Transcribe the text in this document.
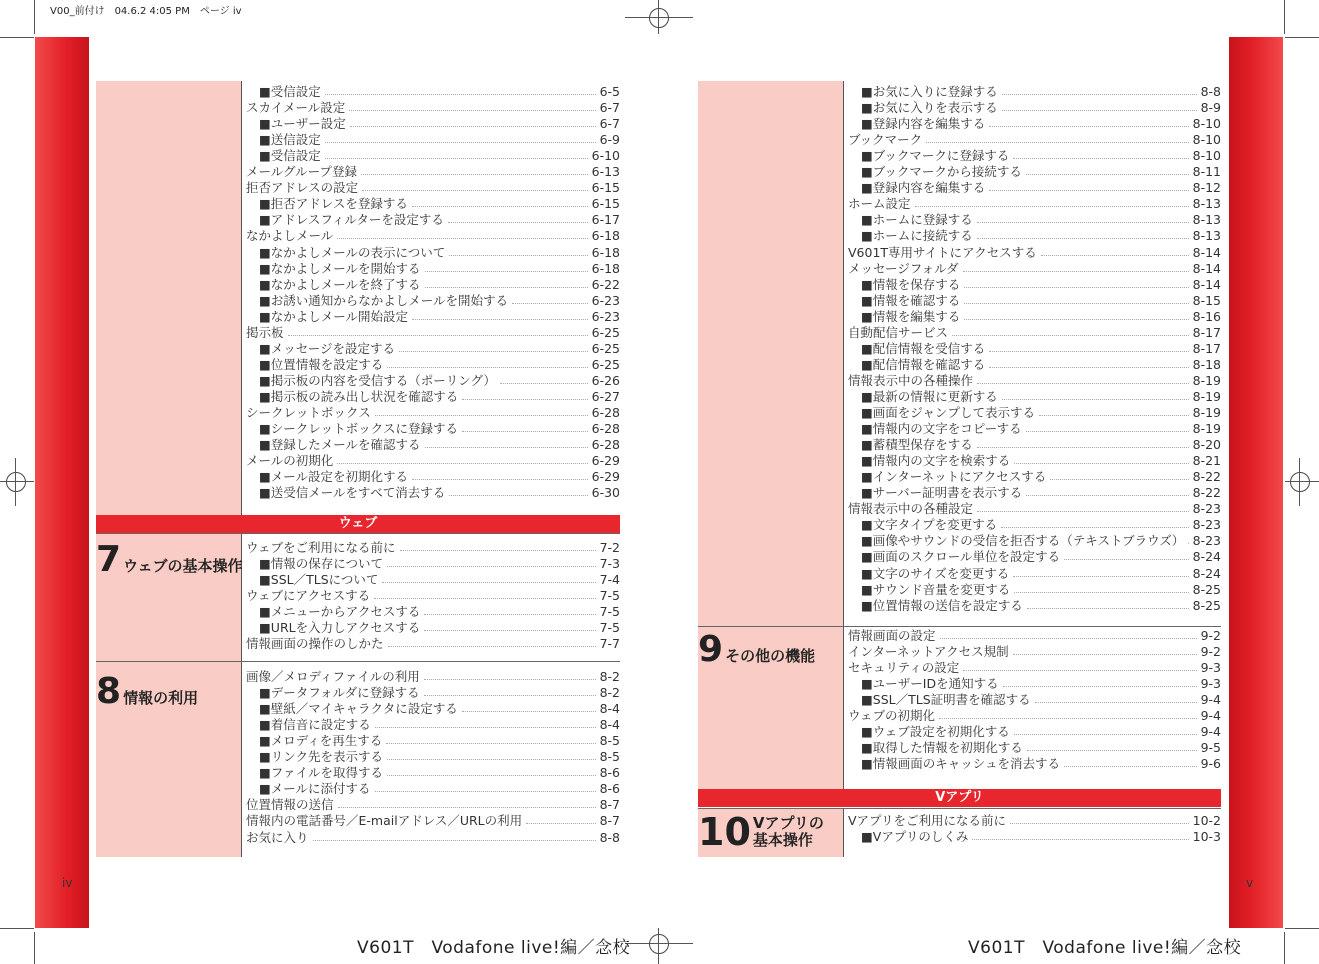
V00_前付け　04.6.2 4:05 PM　ページ iv
■受信設定	6-5
スカイメール設定	6-7
■ユーザー設定	6-7
■送信設定	6-9
■受信設定	6-10
メールグループ登録	6-13
拒否アドレスの設定	6-15
■拒否アドレスを登録する	6-15
■アドレスフィルターを設定する	6-17
なかよしメール	6-18
■なかよしメールの表示について	6-18
■なかよしメールを開始する	6-18
■なかよしメールを終了する	6-22
■お誘い通知からなかよしメールを開始する	6-23
■なかよしメール開始設定	6-23
掲示板	6-25
■メッセージを設定する	6-25
■位置情報を設定する	6-25
■掲示板の内容を受信する（ポーリング）	6-26
■掲示板の読み出し状況を確認する	6-27
シークレットボックス	6-28
■シークレットボックスに登録する	6-28
■登録したメールを確認する	6-28
メールの初期化	6-29
■メール設定を初期化する	6-29
■送受信メールをすべて消去する	6-30
ウェブ
7 ウェブの基本操作
ウェブをご利用になる前に	7-2
■情報の保存について	7-3
■SSL／TLSについて	7-4
ウェブにアクセスする	7-5
■メニューからアクセスする	7-5
■URLを入力しアクセスする	7-5
情報画面の操作のしかた	7-7
8 情報の利用
画像／メロディファイルの利用	8-2
■データフォルダに登録する	8-2
■壁紙／マイキャラクタに設定する	8-4
■着信音に設定する	8-4
■メロディを再生する	8-5
■リンク先を表示する	8-5
■ファイルを取得する	8-6
■メールに添付する	8-6
位置情報の送信	8-7
情報内の電話番号／E-mailアドレス／URLの利用	8-7
お気に入り	8-8
■お気に入りに登録する	8-8
■お気に入りを表示する	8-9
■登録内容を編集する	8-10
ブックマーク	8-10
■ブックマークに登録する	8-10
■ブックマークから接続する	8-11
■登録内容を編集する	8-12
ホーム設定	8-13
■ホームに登録する	8-13
■ホームに接続する	8-13
V601T専用サイトにアクセスする	8-14
メッセージフォルダ	8-14
■情報を保存する	8-14
■情報を確認する	8-15
■情報を編集する	8-16
自動配信サービス	8-17
■配信情報を受信する	8-17
■配信情報を確認する	8-18
情報表示中の各種操作	8-19
■最新の情報に更新する	8-19
■画面をジャンプして表示する	8-19
■情報内の文字をコピーする	8-19
■蓄積型保存をする	8-20
■情報内の文字を検索する	8-21
■インターネットにアクセスする	8-22
■サーバー証明書を表示する	8-22
情報表示中の各種設定	8-23
■文字タイプを変更する	8-23
■画像やサウンドの受信を拒否する（テキストブラウズ） 8-23
■画面のスクロール単位を設定する	8-24
■文字のサイズを変更する	8-24
■サウンド音量を変更する	8-25
■位置情報の送信を設定する	8-25
9 その他の機能
情報画面の設定	9-2
インターネットアクセス規制	9-2
セキュリティの設定	9-3
■ユーザーIDを通知する	9-3
■SSL／TLS証明書を確認する	9-4
ウェブの初期化	9-4
■ウェブ設定を初期化する	9-4
■取得した情報を初期化する	9-5
■情報画面のキャッシュを消去する	9-6
Vアプリ
10 Vアプリの
基本操作
Vアプリをご利用になる前に	10-2
■Vアプリのしくみ	10-3
iv	v
V601T　Vodafone live!編／念校	V601T　Vodafone live!編／念校
